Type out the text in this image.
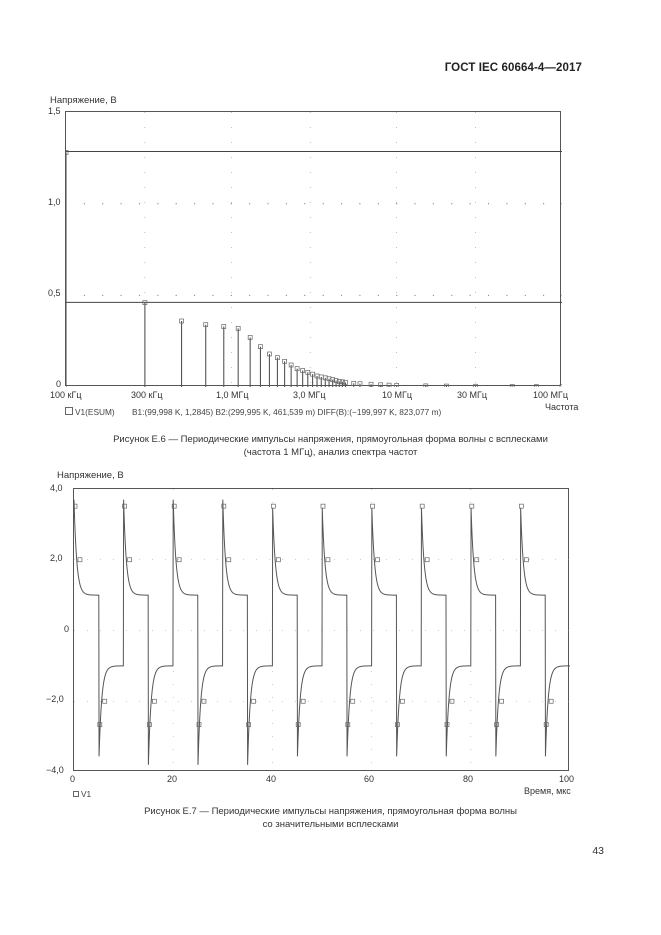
ГОСТ IEC 60664-4—2017
Напряжение, В
1,5
1,0
0,5
0
100 кГц	300 кГц	1,0 МГц	3,0 МГц	10 МГц	30 МГц	100 МГц
Частота
V1(ESUM) B1:(99,998 K, 1,2845) B2:(299,995 K, 461,539 m) DIFF(B):(−199,997 K, 823,077 m)
Рисунок Е.6 — Периодические импульсы напряжения, прямоугольная форма волны с всплесками
(частота 1 МГц), анализ спектра частот
Напряжение, В
4,0
2,0
0
−2,0
−4,0
0	20	40	60	80	100
Время, мкс
V1
Рисунок Е.7 — Периодические импульсы напряжения, прямоугольная форма волны
со значительными всплесками
43
